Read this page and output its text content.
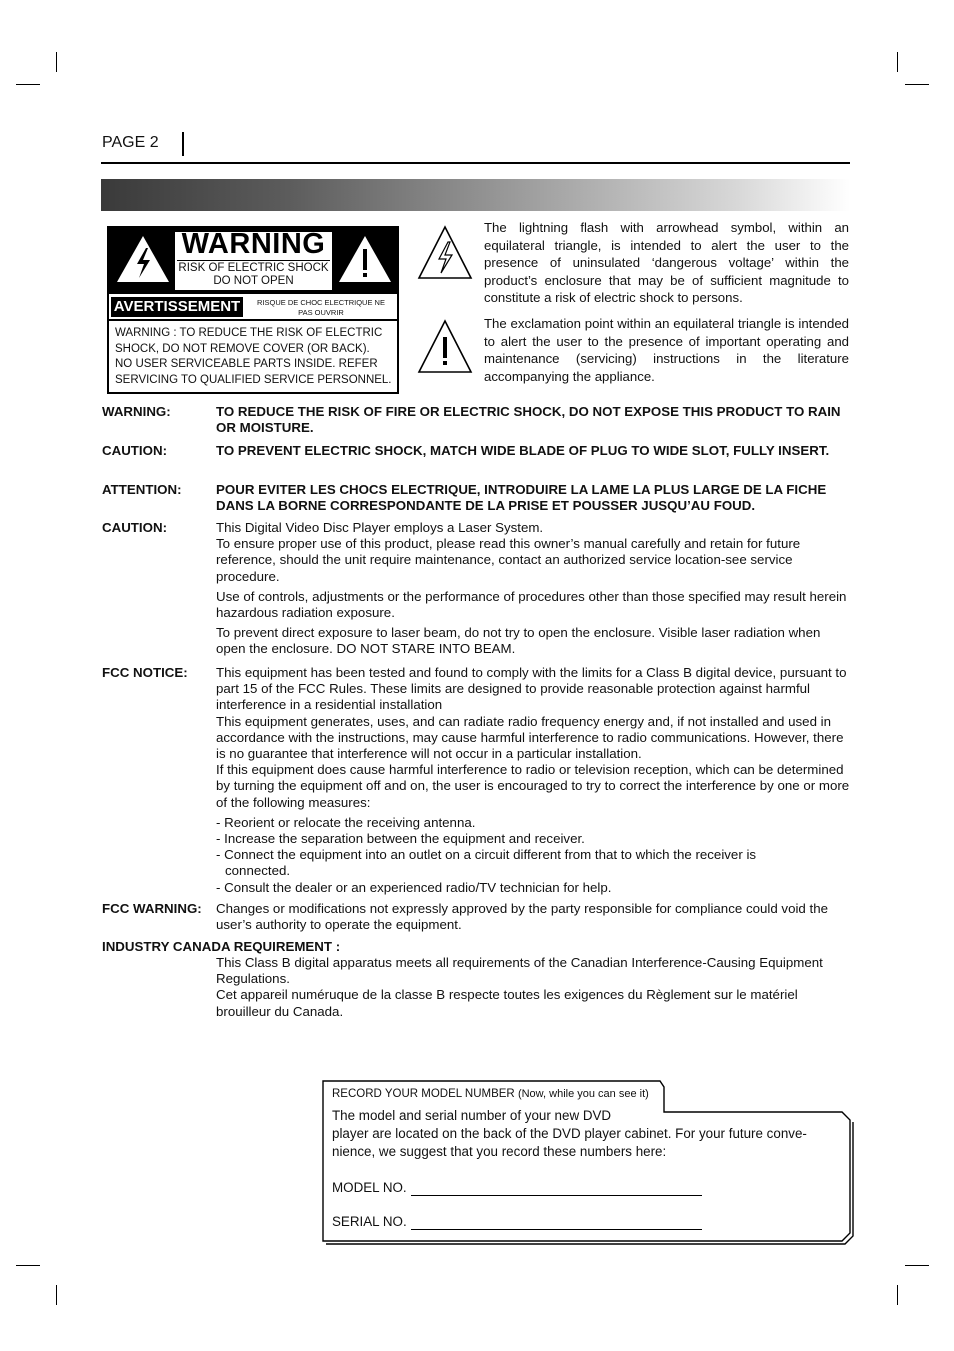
PAGE 2
WARNING
RISK OF ELECTRIC SHOCK
DO NOT OPEN
AVERTISSEMENT	RISQUE DE CHOC ELECTRIQUE NE
PAS OUVRIR
WARNING : TO REDUCE THE RISK OF ELECTRIC
SHOCK, DO NOT REMOVE COVER (OR BACK).
NO USER SERVICEABLE PARTS INSIDE. REFER
SERVICING TO QUALIFIED SERVICE PERSONNEL.
The lightning flash with arrowhead symbol, within an equilateral triangle, is intended to alert the user to the presence of uninsulated ‘dangerous voltage’ within the product’s enclosure that may be of sufficient magnitude to constitute a risk of electric shock to persons.
The exclamation point within an equilateral triangle is intended to alert the user to the presence of important operating and maintenance (servicing) instructions in the literature accompanying the appliance.
WARNING:	TO REDUCE THE RISK OF FIRE OR ELECTRIC SHOCK, DO NOT EXPOSE THIS PRODUCT TO RAIN OR MOISTURE.
CAUTION:	TO PREVENT ELECTRIC SHOCK, MATCH WIDE BLADE OF PLUG TO WIDE SLOT, FULLY INSERT.
ATTENTION:	POUR EVITER LES CHOCS ELECTRIQUE, INTRODUIRE LA LAME LA PLUS LARGE DE LA FICHE DANS LA BORNE CORRESPONDANTE DE LA PRISE ET POUSSER JUSQU’AU FOUD.
CAUTION:	This Digital Video Disc Player employs a Laser System.

To ensure proper use of this product, please read this owner’s manual carefully and retain for future reference, should the unit require maintenance, contact an authorized service location-see service procedure.

Use of controls, adjustments or the performance of procedures other than those specified may result herein hazardous radiation exposure.

To prevent direct exposure to laser beam, do not try to open the enclosure. Visible laser radiation when open the enclosure. DO NOT STARE INTO BEAM.

FCC NOTICE: This equipment has been tested and found to comply with the limits for a Class B digital device, pursuant to part 15 of the FCC Rules. These limits are designed to provide reasonable protection against harmful interference in a residential installation

This equipment generates, uses, and can radiate radio frequency energy and, if not installed and used in accordance with the instructions, may cause harmful interference to radio communications. However, there is no guarantee that interference will not occur in a particular installation.

If this equipment does cause harmful interference to radio or television reception, which can be determined by turning the equipment off and on, the user is encouraged to try to correct the interference by one or more of the following measures:

- Reorient or relocate the receiving antenna.
- Increase the separation between the equipment and receiver.
- Connect the equipment into an outlet on a circuit different from that to which the receiver is
connected.
- Consult the dealer or an experienced radio/TV technician for help.
FCC WARNING: Changes or modifications not expressly approved by the party responsible for compliance could void the user’s authority to operate the equipment.
INDUSTRY CANADA REQUIREMENT :

This Class B digital apparatus meets all requirements of the Canadian Interference-Causing Equipment Regulations.

Cet appareil numéruque de la classe B respecte toutes les exigences du Règlement sur le matériel brouilleur du Canada.

RECORD YOUR MODEL NUMBER (Now, while you can see it)
The model and serial number of your new DVD
player are located on the back of the DVD player cabinet. For your future conve-
nience, we suggest that you record these numbers here:
MODEL NO.
SERIAL NO.
